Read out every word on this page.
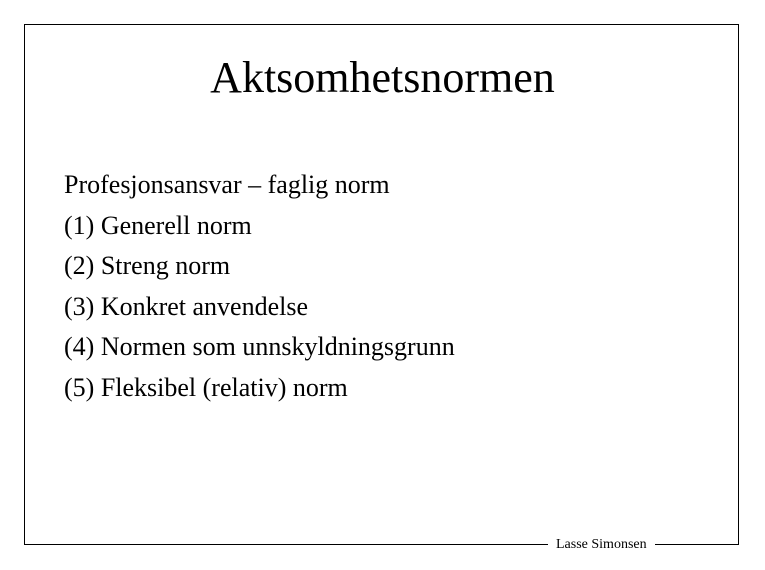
Aktsomhetsnormen
Profesjonsansvar – faglig norm
(1) Generell norm
(2) Streng norm
(3) Konkret anvendelse
(4) Normen som unnskyldningsgrunn
(5) Fleksibel (relativ) norm
Lasse Simonsen
